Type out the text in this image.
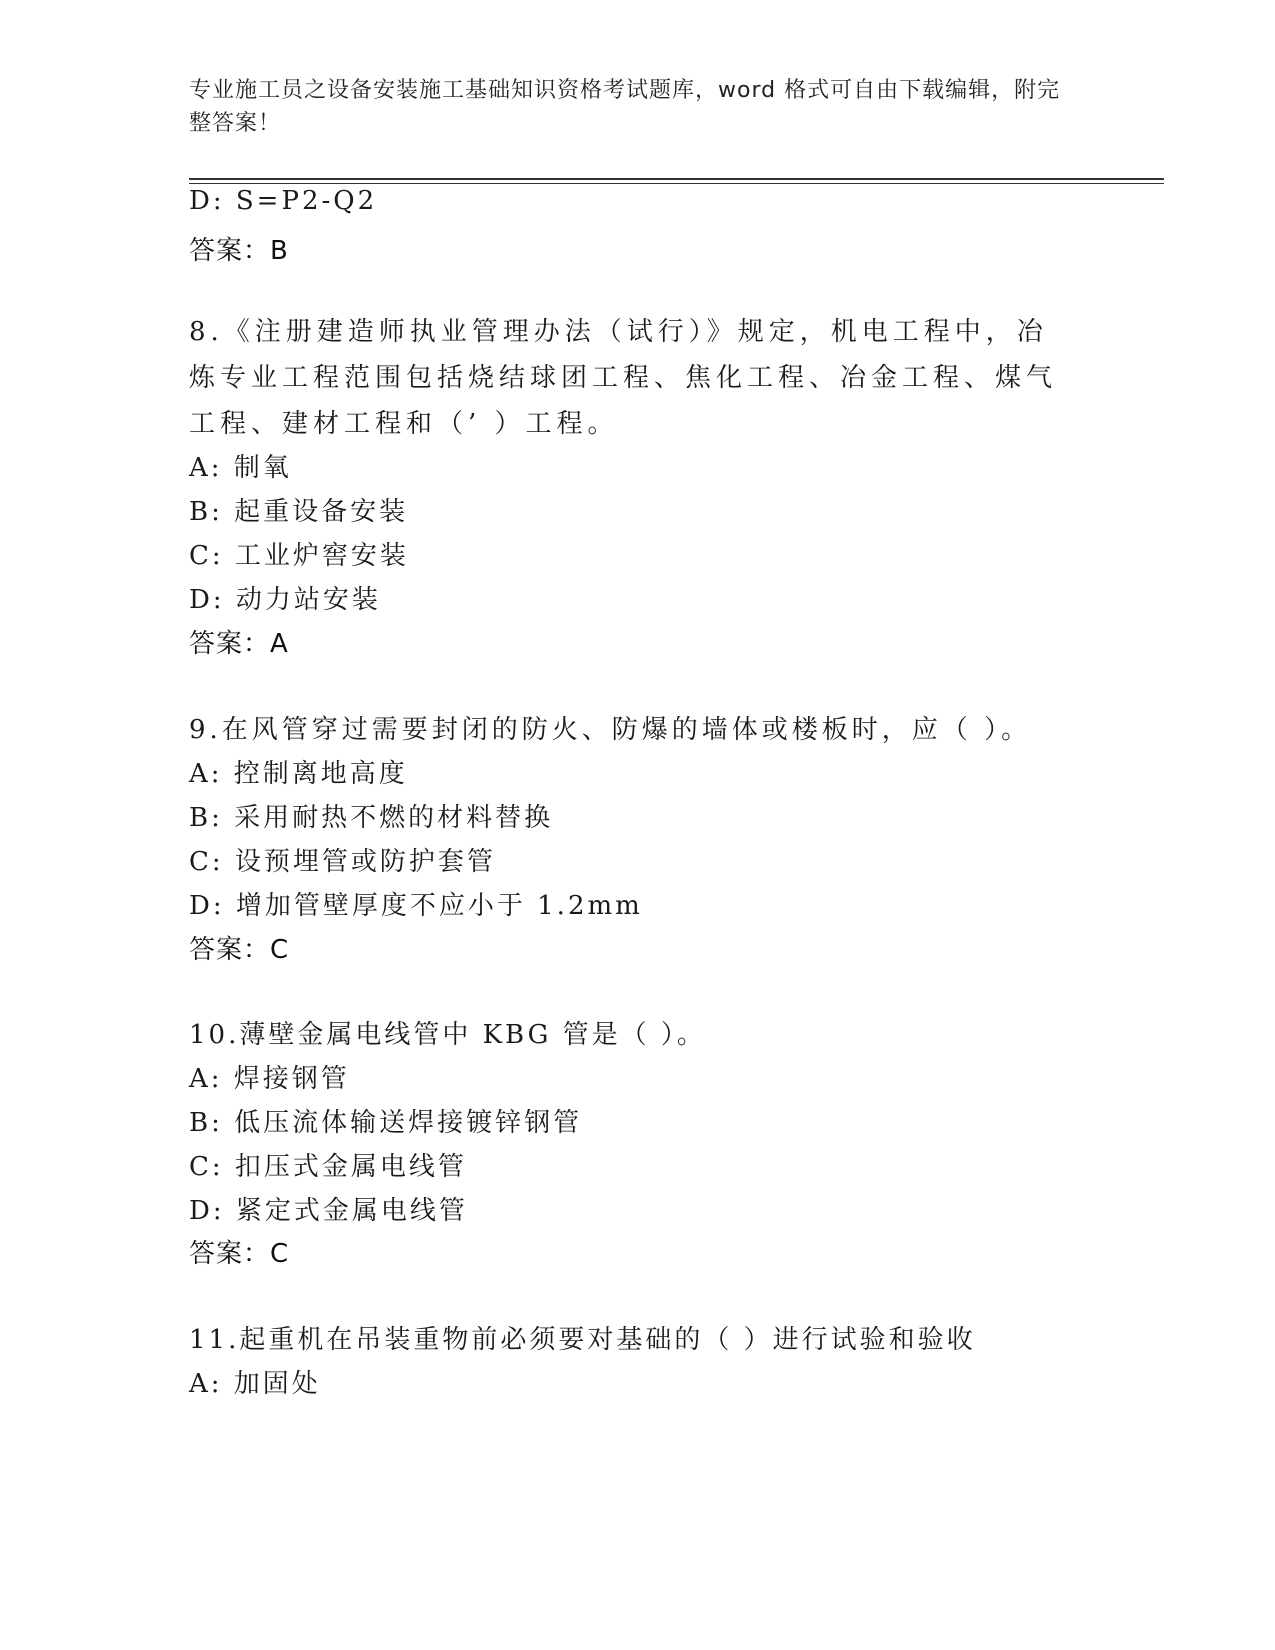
专业施工员之设备安装施工基础知识资格考试题库，word 格式可自由下载编辑，附完整答案！
D: S=P2-Q2
答案：B
8.《注册建造师执业管理办法（试行）》规定，机电工程中，冶炼专业工程范围包括烧结球团工程、焦化工程、冶金工程、煤气工程、建材工程和（’ ）工程。
A: 制氧
B: 起重设备安装
C: 工业炉窖安装
D: 动力站安装
答案：A
9.在风管穿过需要封闭的防火、防爆的墙体或楼板时，应（ ）。
A: 控制离地高度
B: 采用耐热不燃的材料替换
C: 设预埋管或防护套管
D: 增加管壁厚度不应小于 1.2mm
答案：C
10.薄壁金属电线管中 KBG 管是（ ）。
A: 焊接钢管
B: 低压流体输送焊接镀锌钢管
C: 扣压式金属电线管
D: 紧定式金属电线管
答案：C
11.起重机在吊装重物前必须要对基础的（ ）进行试验和验收
A: 加固处
